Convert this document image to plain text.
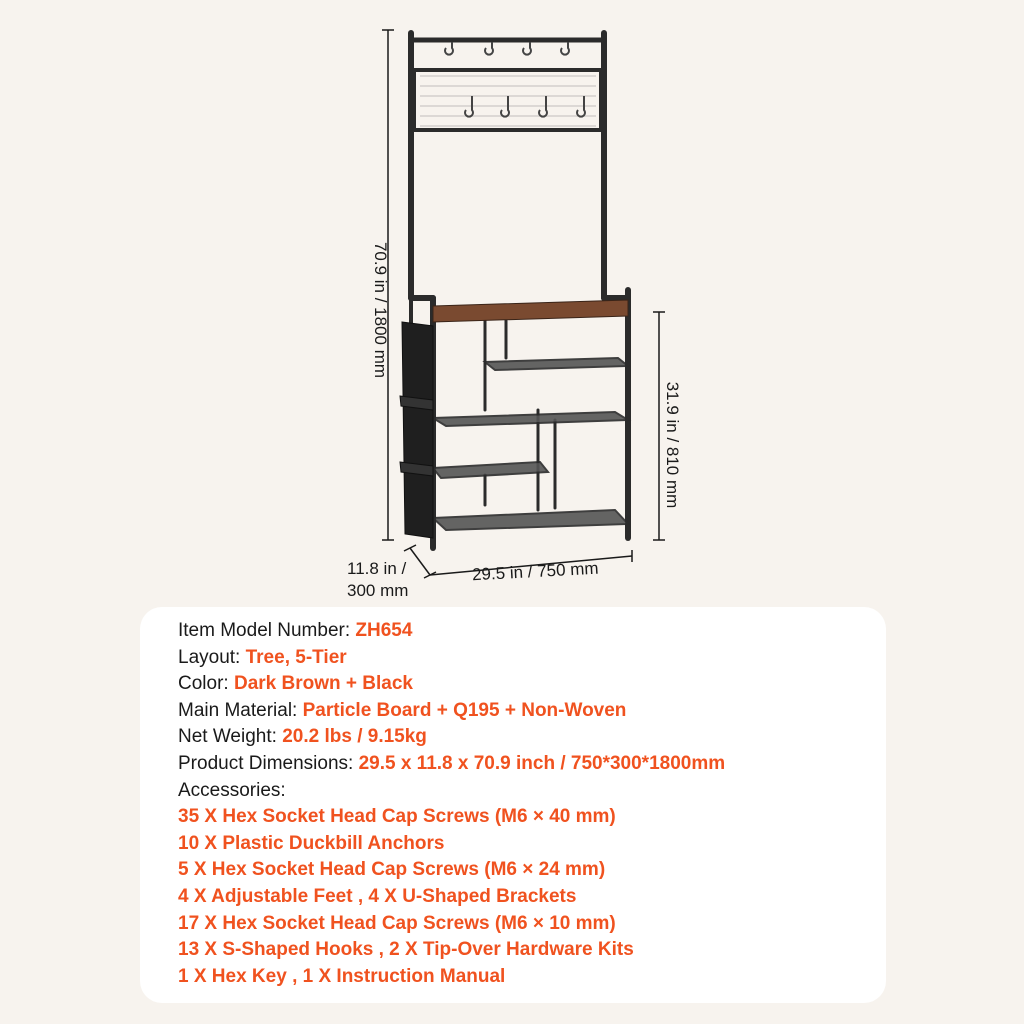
70.9 in / 1800 mm
31.9 in / 810 mm
11.8 in /
300 mm
29.5 in / 750 mm
Item Model Number: ZH654
Layout: Tree, 5-Tier
Color: Dark Brown + Black
Main Material: Particle Board + Q195 + Non-Woven
Net Weight: 20.2 lbs / 9.15kg
Product Dimensions: 29.5 x 11.8 x 70.9 inch / 750*300*1800mm
Accessories:
35 X Hex Socket Head Cap Screws (M6 × 40 mm)
10 X Plastic Duckbill Anchors
5 X Hex Socket Head Cap Screws (M6 × 24 mm)
4 X Adjustable Feet , 4 X U-Shaped Brackets
17 X Hex Socket Head Cap Screws (M6 × 10 mm)
13 X S-Shaped Hooks , 2 X Tip-Over Hardware Kits
1 X Hex Key , 1 X Instruction Manual
